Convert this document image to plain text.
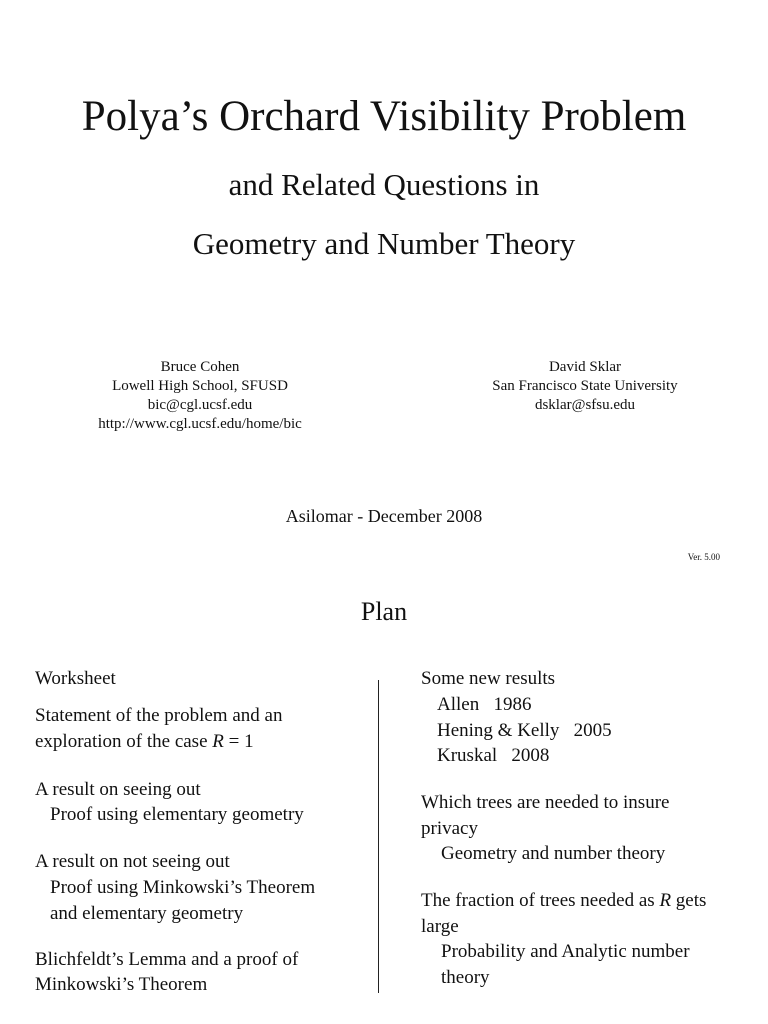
Polya’s Orchard Visibility Problem
and Related Questions in
Geometry and Number Theory
Bruce Cohen
Lowell High School, SFUSD
bic@cgl.ucsf.edu
http://www.cgl.ucsf.edu/home/bic
David Sklar
San Francisco State University
dsklar@sfsu.edu
Asilomar - December 2008
Ver. 5.00
Plan
Worksheet
Statement of the problem and an
exploration of the case R = 1
A result on seeing out
Proof using elementary geometry
A result on not seeing out
Proof using Minkowski’s Theorem
and elementary geometry
Blichfeldt’s Lemma and a proof of
Minkowski’s Theorem
Some new results
Allen   1986
Hening & Kelly   2005
Kruskal   2008
Which trees are needed to insure
privacy
Geometry and number theory
The fraction of trees needed as R gets
large
Probability and Analytic number
theory
